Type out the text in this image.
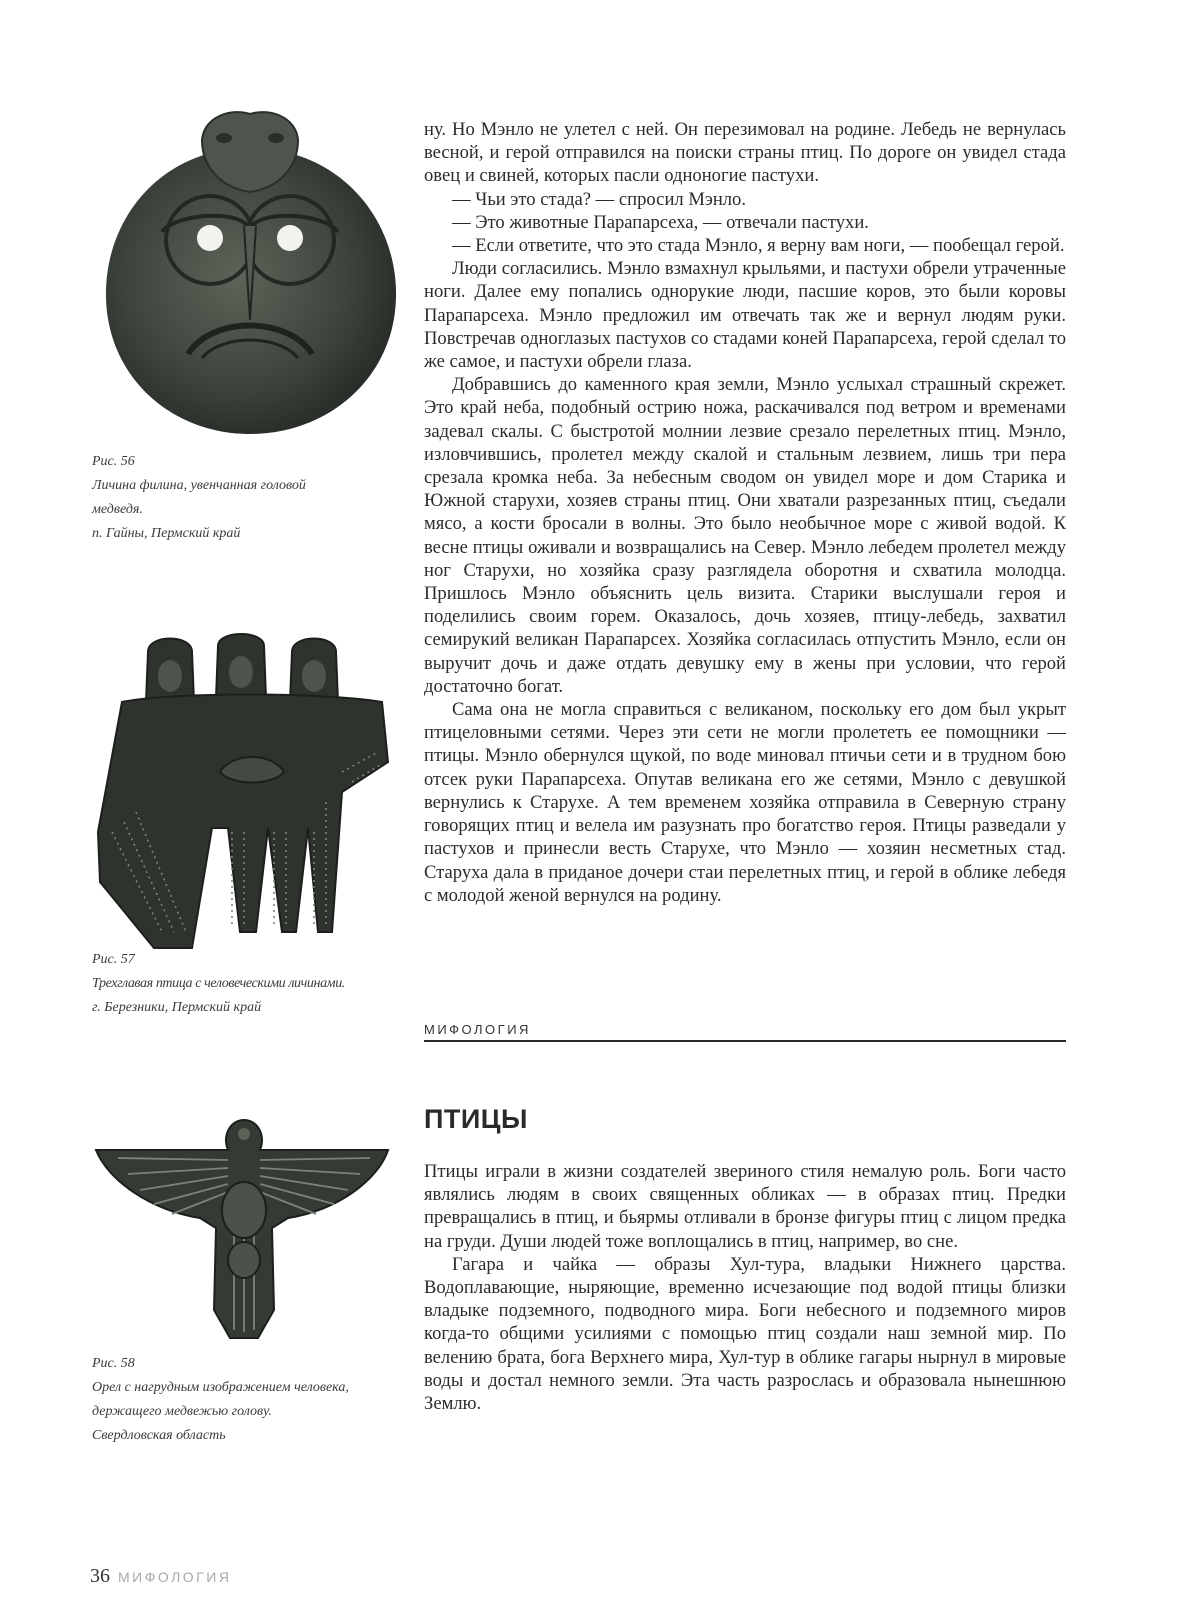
Рис. 56
Личина филина, увенчанная головой
медведя.
п. Гайны, Пермский край
Рис. 57
Трехглавая птица с человеческими личинами.
г. Березники, Пермский край
Рис. 58
Орел с нагрудным изображением человека,
держащего медвежью голову.
Свердловская область

ну. Но Мэнло не улетел с ней. Он перезимовал на родине. Лебедь не вернулась весной, и герой отправился на поиски страны птиц. По дороге он увидел стада овец и свиней, которых пасли одноногие пастухи.

— Чьи это стада? — спросил Мэнло.

— Это животные Парапарсеха, — отвечали пастухи.

— Если ответите, что это стада Мэнло, я верну вам ноги, — пообещал герой.

Люди согласились. Мэнло взмахнул крыльями, и пастухи обрели утраченные ноги. Далее ему попались однорукие люди, пасшие коров, это были коровы Парапарсеха. Мэнло предложил им отвечать так же и вернул людям руки. Повстречав одноглазых пастухов со стадами коней Парапарсеха, герой сделал то же самое, и пастухи обрели глаза.

Добравшись до каменного края земли, Мэнло услыхал страшный скрежет. Это край неба, подобный острию ножа, раскачивался под ветром и временами задевал скалы. С быстротой молнии лезвие срезало перелетных птиц. Мэнло, изловчившись, пролетел между скалой и стальным лезвием, лишь три пера срезала кромка неба. За небесным сводом он увидел море и дом Старика и Южной старухи, хозяев страны птиц. Они хватали разрезанных птиц, съедали мясо, а кости бросали в волны. Это было необычное море с живой водой. К весне птицы оживали и возвращались на Север. Мэнло лебедем пролетел между ног Старухи, но хозяйка сразу разглядела оборотня и схватила молодца. Пришлось Мэнло объяснить цель визита. Старики выслушали героя и поделились своим горем. Оказалось, дочь хозяев, птицу-лебедь, захватил семирукий великан Парапарсех. Хозяйка согласилась отпустить Мэнло, если он выручит дочь и даже отдать девушку ему в жены при условии, что герой достаточно богат.

Сама она не могла справиться с великаном, поскольку его дом был укрыт птицеловными сетями. Через эти сети не могли пролететь ее помощники — птицы. Мэнло обернулся щукой, по воде миновал птичьи сети и в трудном бою отсек руки Парапарсеха. Опутав великана его же сетями, Мэнло с девушкой вернулись к Старухе. А тем временем хозяйка отправила в Северную страну говорящих птиц и велела им разузнать про богатство героя. Птицы разведали у пастухов и принесли весть Старухе, что Мэнло — хозяин несметных стад. Старуха дала в приданое дочери стаи перелетных птиц, и герой в облике лебедя с молодой женой вернулся на родину.

МИФОЛОГИЯ
ПТИЦЫ

Птицы играли в жизни создателей звериного стиля немалую роль. Боги часто являлись людям в своих священных обликах — в образах птиц. Предки превращались в птиц, и бьярмы отливали в бронзе фигуры птиц с лицом предка на груди. Души людей тоже воплощались в птиц, например, во сне.

Гагара и чайка — образы Хул-тура, владыки Нижнего царства. Водоплавающие, ныряющие, временно исчезающие под водой птицы близки владыке подземного, подводного мира. Боги небесного и подземного миров когда-то общими усилиями с помощью птиц создали наш земной мир. По велению брата, бога Верхнего мира, Хул-тур в облике гагары нырнул в мировые воды и достал немного земли. Эта часть разрослась и образовала нынешнюю Землю.

36 МИФОЛОГИЯ
